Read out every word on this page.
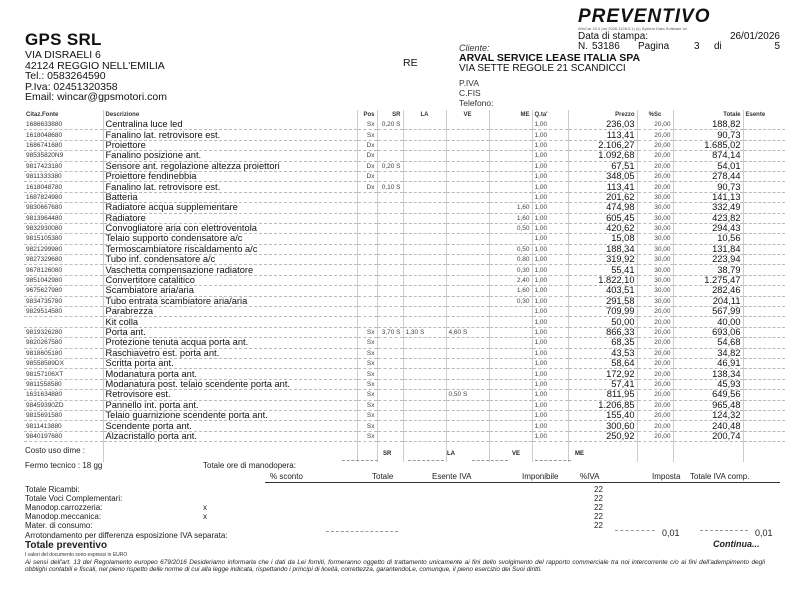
GPS SRL
VIA DISRAELI 6
42124 REGGIO NELL'EMILIA
Tel.: 0583264590
P.Iva: 02451320358
Email: wincar@gpsmotori.com
RE
PREVENTIVO
WinCar 15.0 (rel.2026.1128.0.1) (c) System Data Software srl
Data di stampa:	26/01/2026
N. 53186	Pagina	3	di	5
Cliente:
ARVAL SERVICE LEASE ITALIA SPA
VIA SETTE REGOLE 21 SCANDICCI
P.IVA
C.FIS
Telefono:
Citaz.Fonte	Descrizione	Pos	SR	LA	VE	ME	Q.ta'	Prezzo	%Sc	Totale	Esente
1686633880	Centralina luce led	Sx	0,20 S				1,00	236,03	20,00	188,82	
1618048680	Fanalino lat. retrovisore est.	Sx					1,00	113,41	20,00	90,73	
1686741680	Proiettore	Dx					1,00	2.106,27	20,00	1.685,02	
98535820N9	Fanalino posizione ant.	Dx					1,00	1.092,68	20,00	874,14	
9817423180	Sensore ant. regolazione altezza proiettori	Dx	0,20 S				1,00	67,51	20,00	54,01	
9811333380	Proiettore fendinebbia	Dx					1,00	348,05	20,00	278,44	
1618048780	Fanalino lat. retrovisore est.	Dx	0,10 S				1,00	113,41	20,00	90,73	
1687824980	Batteria						1,00	201,62	30,00	141,13	
9830667680	Radiatore acqua supplementare					1,60	1,00	474,98	30,00	332,49	
9813964480	Radiatore					1,60	1,00	605,45	30,00	423,82	
9832930080	Convogliatore aria con elettroventola					0,50	1,00	420,62	30,00	294,43	
9815105380	Telaio supporto condensatore a/c						1,00	15,08	30,00	10,56	
9821299980	Termoscambiatore riscaldamento a/c					0,50	1,00	188,34	30,00	131,84	
9827329680	Tubo inf. condensatore a/c					0,80	1,00	319,92	30,00	223,94	
9678126080	Vaschetta compensazione radiatore					0,30	1,00	55,41	30,00	38,79	
9851042980	Convertitore catalitico					2,40	1,00	1.822,10	30,00	1.275,47	
9675627980	Scambiatore aria/aria					1,60	1,00	403,51	30,00	282,46	
9834735780	Tubo entrata scambiatore aria/aria					0,30	1,00	291,58	30,00	204,11	
9829514580	Parabrezza						1,00	709,99	20,00	567,99	
	Kit colla						1,00	50,00	20,00	40,00	
9819326280	Porta ant.	Sx	3,70 S	1,30 S	4,60 S		1,00	866,33	20,00	693,06	
9820267580	Protezione tenuta acqua porta ant.	Sx					1,00	68,35	20,00	54,68	
9818605180	Raschiavetro est. porta ant.	Sx					1,00	43,53	20,00	34,82	
98558589DX	Scritta porta ant.	Sx					1,00	58,64	20,00	46,91	
98157106XT	Modanatura porta ant.	Sx					1,00	172,92	20,00	138,34	
9811558580	Modanatura post. telaio scendente porta ant.	Sx					1,00	57,41	20,00	45,93	
1631634880	Retrovisore est.	Sx			0,50 S		1,00	811,95	20,00	649,56	
98459390ZD	Pannello int. porta ant.	Sx					1,00	1.206,85	20,00	965,48	
9815691580	Telaio guarnizione scendente porta ant.	Sx					1,00	155,40	20,00	124,32	
9811413880	Scendente porta ant.	Sx					1,00	300,60	20,00	240,48	
9840197680	Alzacristallo porta ant.	Sx					1,00	250,92	20,00	200,74	

Costo uso dime :
Fermo tecnico : 18 gg	Totale ore di manodopera:
SR	LA	VE	ME
% sconto	Totale	Esente IVA	Imponibile	%IVA	Imposta Totale IVA comp.
Totale Ricambi:	22
Totale Voci Complementari:	22
Manodop.carrozzeria:	x	22
Manodop.meccanica:	x	22
Mater. di consumo:	22
Arrotondamento per differenza esposizione IVA separata:	0,01	0,01
Totale preventivo	Continua...
I valori del documento sono espressi in EURO
Ai sensi dell'art. 13 del Regolamento europeo 679/2016 Desideriamo informarla che i dati da Lei forniti, formeranno oggetto di trattamento unicamente ai fini dello svolgimento del rapporto commerciale tra noi intercorrente c/o ai fini dell'adempimento degli obblighi contabili e fiscali, nel pieno rispetto delle norme di cui alla legge indicata, rispettando i principi di liceità, correttezza, garantendoLe, comunque, il pieno esercizio dei Suoi diritti.
